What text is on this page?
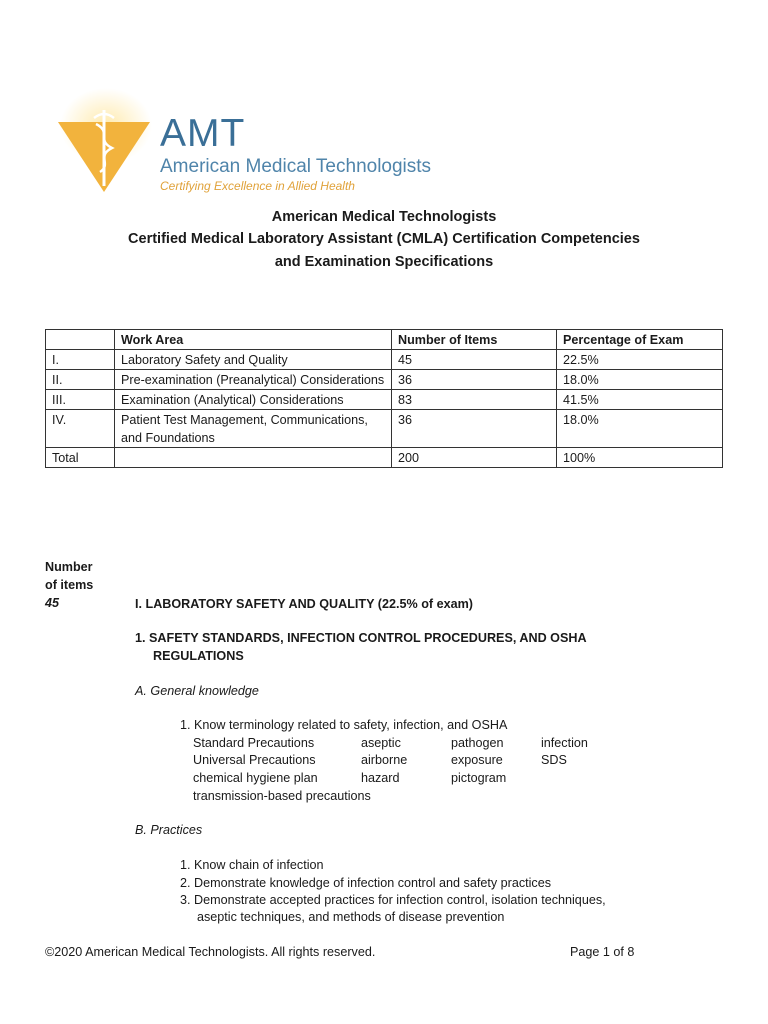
AMT
American Medical Technologists
Certifying Excellence in Allied Health
American Medical Technologists
Certified Medical Laboratory Assistant (CMLA) Certification Competencies
and Examination Specifications
	Work Area	Number of Items	Percentage of Exam
I.	Laboratory Safety and Quality	45	22.5%
II.	Pre-examination (Preanalytical) Considerations	36	18.0%
III.	Examination (Analytical) Considerations	83	41.5%
IV.	Patient Test Management, Communications, and Foundations	36	18.0%
Total		200	100%
Number
of items
45	I. LABORATORY SAFETY AND QUALITY (22.5% of exam)
1. SAFETY STANDARDS, INFECTION CONTROL PROCEDURES, AND OSHA
REGULATIONS
A. General knowledge
1. Know terminology related to safety, infection, and OSHA
Standard Precautions	aseptic	pathogen	infection
Universal Precautions	airborne	exposure	SDS
chemical hygiene plan	hazard	pictogram
transmission-based precautions
B. Practices
1. Know chain of infection
2. Demonstrate knowledge of infection control and safety practices
3. Demonstrate accepted practices for infection control, isolation techniques,
aseptic techniques, and methods of disease prevention
©2020 American Medical Technologists. All rights reserved.	Page 1 of 8
